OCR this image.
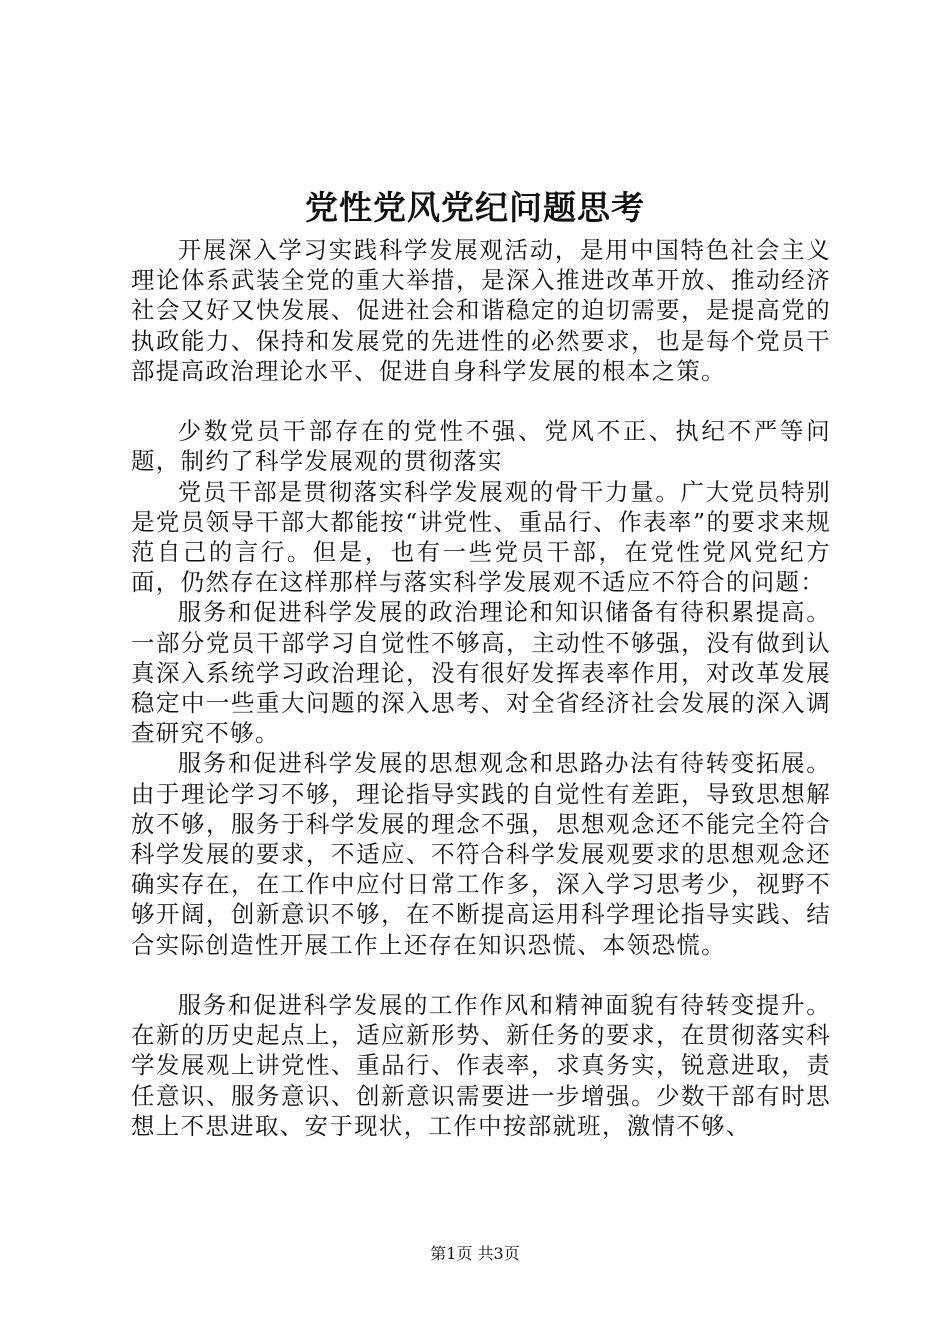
党性党风党纪问题思考

开展深入学习实践科学发展观活动，是用中国特色社会主义理论体系武装全党的重大举措，是深入推进改革开放、推动经济社会又好又快发展、促进社会和谐稳定的迫切需要，是提高党的执政能力、保持和发展党的先进性的必然要求，也是每个党员干部提高政治理论水平、促进自身科学发展的根本之策。

少数党员干部存在的党性不强、党风不正、执纪不严等问题，制约了科学发展观的贯彻落实

党员干部是贯彻落实科学发展观的骨干力量。广大党员特别是党员领导干部大都能按“讲党性、重品行、作表率”的要求来规范自己的言行。但是，也有一些党员干部，在党性党风党纪方面，仍然存在这样那样与落实科学发展观不适应不符合的问题：

服务和促进科学发展的政治理论和知识储备有待积累提高。一部分党员干部学习自觉性不够高，主动性不够强，没有做到认真深入系统学习政治理论，没有很好发挥表率作用，对改革发展稳定中一些重大问题的深入思考、对全省经济社会发展的深入调查研究不够。

服务和促进科学发展的思想观念和思路办法有待转变拓展。由于理论学习不够，理论指导实践的自觉性有差距，导致思想解放不够，服务于科学发展的理念不强，思想观念还不能完全符合科学发展的要求，不适应、不符合科学发展观要求的思想观念还确实存在，在工作中应付日常工作多，深入学习思考少，视野不够开阔，创新意识不够，在不断提高运用科学理论指导实践、结合实际创造性开展工作上还存在知识恐慌、本领恐慌。

服务和促进科学发展的工作作风和精神面貌有待转变提升。在新的历史起点上，适应新形势、新任务的要求，在贯彻落实科学发展观上讲党性、重品行、作表率，求真务实，锐意进取，责任意识、服务意识、创新意识需要进一步增强。少数干部有时思想上不思进取、安于现状，工作中按部就班，激情不够、

第1页 共3页
